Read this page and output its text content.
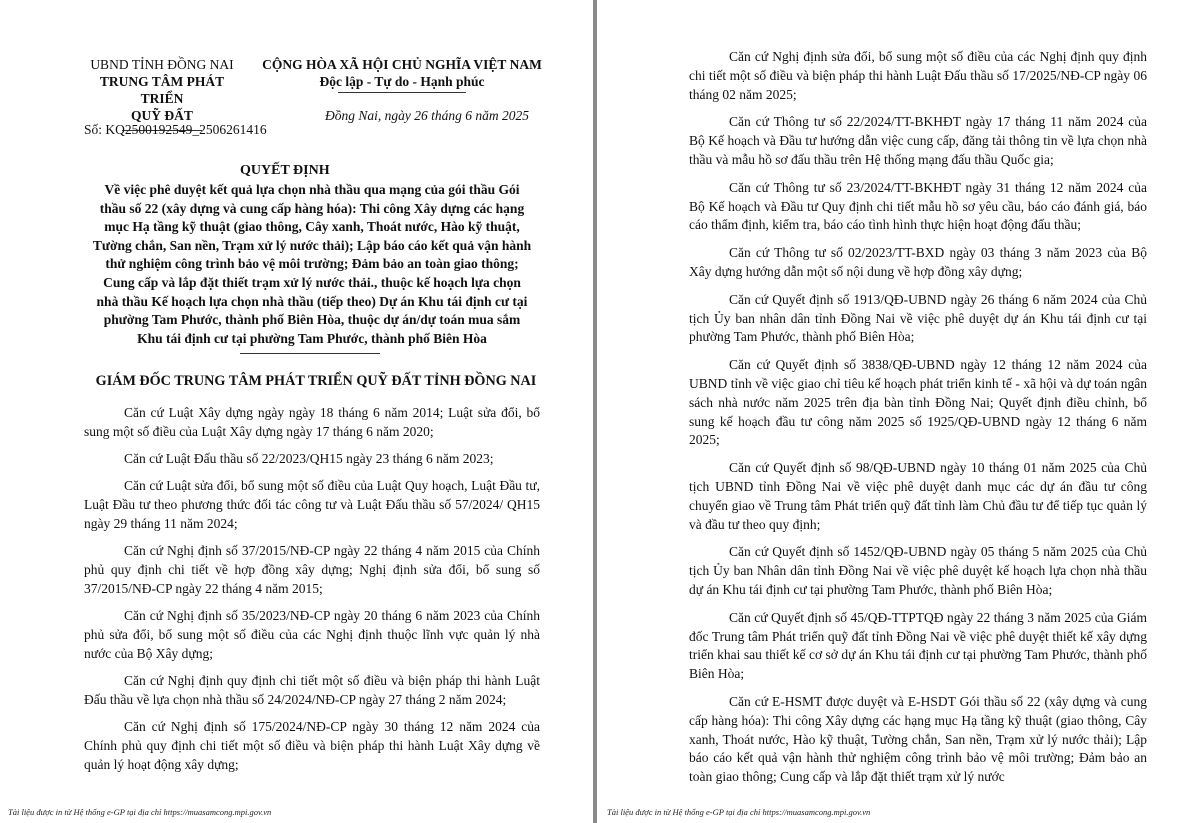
UBND TỈNH ĐỒNG NAI
TRUNG TÂM PHÁT TRIỂN
QUỸ ĐẤT
CỘNG HÒA XÃ HỘI CHỦ NGHĨA VIỆT NAM
Độc lập - Tự do - Hạnh phúc
Đồng Nai, ngày 26 tháng 6 năm 2025
Số: KQ2500192549_2506261416
QUYẾT ĐỊNH
Về việc phê duyệt kết quả lựa chọn nhà thầu qua mạng của gói thầu Gói thầu số 22 (xây dựng và cung cấp hàng hóa): Thi công Xây dựng các hạng mục Hạ tầng kỹ thuật (giao thông, Cây xanh, Thoát nước, Hào kỹ thuật, Tường chắn, San nền, Trạm xử lý nước thải); Lập báo cáo kết quả vận hành thử nghiệm công trình bảo vệ môi trường; Đảm bảo an toàn giao thông; Cung cấp và lắp đặt thiết trạm xử lý nước thải., thuộc kế hoạch lựa chọn nhà thầu Kế hoạch lựa chọn nhà thầu (tiếp theo) Dự án Khu tái định cư tại phường Tam Phước, thành phố Biên Hòa, thuộc dự án/dự toán mua sắm Khu tái định cư tại phường Tam Phước, thành phố Biên Hòa
GIÁM ĐỐC TRUNG TÂM PHÁT TRIỂN QUỸ ĐẤT TỈNH ĐỒNG NAI

Căn cứ Luật Xây dựng ngày ngày 18 tháng 6 năm 2014; Luật sửa đổi, bổ sung một số điều của Luật Xây dựng ngày 17 tháng 6 năm 2020;

Căn cứ Luật Đấu thầu số 22/2023/QH15 ngày 23 tháng 6 năm 2023;

Căn cứ Luật sửa đổi, bổ sung một số điều của Luật Quy hoạch, Luật Đầu tư, Luật Đầu tư theo phương thức đối tác công tư và Luật Đấu thầu số 57/2024/ QH15 ngày 29 tháng 11 năm 2024;

Căn cứ Nghị định số 37/2015/NĐ-CP ngày 22 tháng 4 năm 2015 của Chính phủ quy định chi tiết về hợp đồng xây dựng; Nghị định sửa đổi, bổ sung số 37/2015/NĐ-CP ngày 22 tháng 4 năm 2015;

Căn cứ Nghị định số 35/2023/NĐ-CP ngày 20 tháng 6 năm 2023 của Chính phủ sửa đổi, bổ sung một số điều của các Nghị định thuộc lĩnh vực quản lý nhà nước của Bộ Xây dựng;

Căn cứ Nghị định quy định chi tiết một số điều và biện pháp thi hành Luật Đấu thầu về lựa chọn nhà thầu số 24/2024/NĐ-CP ngày 27 tháng 2 năm 2024;

Căn cứ Nghị định số 175/2024/NĐ-CP ngày 30 tháng 12 năm 2024 của Chính phủ quy định chi tiết một số điều và biện pháp thi hành Luật Xây dựng về quản lý hoạt động xây dựng;

Tài liệu được in từ Hệ thống e-GP tại địa chỉ https://muasamcong.mpi.gov.vn

Căn cứ Nghị định sửa đổi, bổ sung một số điều của các Nghị định quy định chi tiết một số điều và biện pháp thi hành Luật Đấu thầu số 17/2025/NĐ-CP ngày 06 tháng 02 năm 2025;

Căn cứ Thông tư số 22/2024/TT-BKHĐT ngày 17 tháng 11 năm 2024 của Bộ Kế hoạch và Đầu tư hướng dẫn việc cung cấp, đăng tải thông tin về lựa chọn nhà thầu và mẫu hồ sơ đấu thầu trên Hệ thống mạng đấu thầu Quốc gia;

Căn cứ Thông tư số 23/2024/TT-BKHĐT ngày 31 tháng 12 năm 2024 của Bộ Kế hoạch và Đầu tư Quy định chi tiết mẫu hồ sơ yêu cầu, báo cáo đánh giá, báo cáo thẩm định, kiểm tra, báo cáo tình hình thực hiện hoạt động đấu thầu;

Căn cứ Thông tư số 02/2023/TT-BXD ngày 03 tháng 3 năm 2023 của Bộ Xây dựng hướng dẫn một số nội dung về hợp đồng xây dựng;

Căn cứ Quyết định số 1913/QĐ-UBND ngày 26 tháng 6 năm 2024 của Chủ tịch Ủy ban nhân dân tỉnh Đồng Nai về việc phê duyệt dự án Khu tái định cư tại phường Tam Phước, thành phố Biên Hòa;

Căn cứ Quyết định số 3838/QĐ-UBND ngày 12 tháng 12 năm 2024 của UBND tỉnh về việc giao chỉ tiêu kế hoạch phát triển kinh tế - xã hội và dự toán ngân sách nhà nước năm 2025 trên địa bàn tỉnh Đồng Nai; Quyết định điều chỉnh, bổ sung kế hoạch đầu tư công năm 2025 số 1925/QĐ-UBND ngày 12 tháng 6 năm 2025;

Căn cứ Quyết định số 98/QĐ-UBND ngày 10 tháng 01 năm 2025 của Chủ tịch UBND tỉnh Đồng Nai về việc phê duyệt danh mục các dự án đầu tư công chuyển giao về Trung tâm Phát triển quỹ đất tỉnh làm Chủ đầu tư để tiếp tục quản lý và đầu tư theo quy định;

Căn cứ Quyết định số 1452/QĐ-UBND ngày 05 tháng 5 năm 2025 của Chủ tịch Ủy ban Nhân dân tỉnh Đồng Nai về việc phê duyệt kế hoạch lựa chọn nhà thầu dự án Khu tái định cư tại phường Tam Phước, thành phố Biên Hòa;

Căn cứ Quyết định số 45/QĐ-TTPTQĐ ngày 22 tháng 3 năm 2025 của Giám đốc Trung tâm Phát triển quỹ đất tỉnh Đồng Nai về việc phê duyệt thiết kế xây dựng triển khai sau thiết kế cơ sở dự án Khu tái định cư tại phường Tam Phước, thành phố Biên Hòa;

Căn cứ E-HSMT được duyệt và E-HSDT Gói thầu số 22 (xây dựng và cung cấp hàng hóa): Thi công Xây dựng các hạng mục Hạ tầng kỹ thuật (giao thông, Cây xanh, Thoát nước, Hào kỹ thuật, Tường chắn, San nền, Trạm xử lý nước thải); Lập báo cáo kết quả vận hành thử nghiệm công trình bảo vệ môi trường; Đảm bảo an toàn giao thông; Cung cấp và lắp đặt thiết trạm xử lý nước

Tài liệu được in từ Hệ thống e-GP tại địa chỉ https://muasamcong.mpi.gov.vn
